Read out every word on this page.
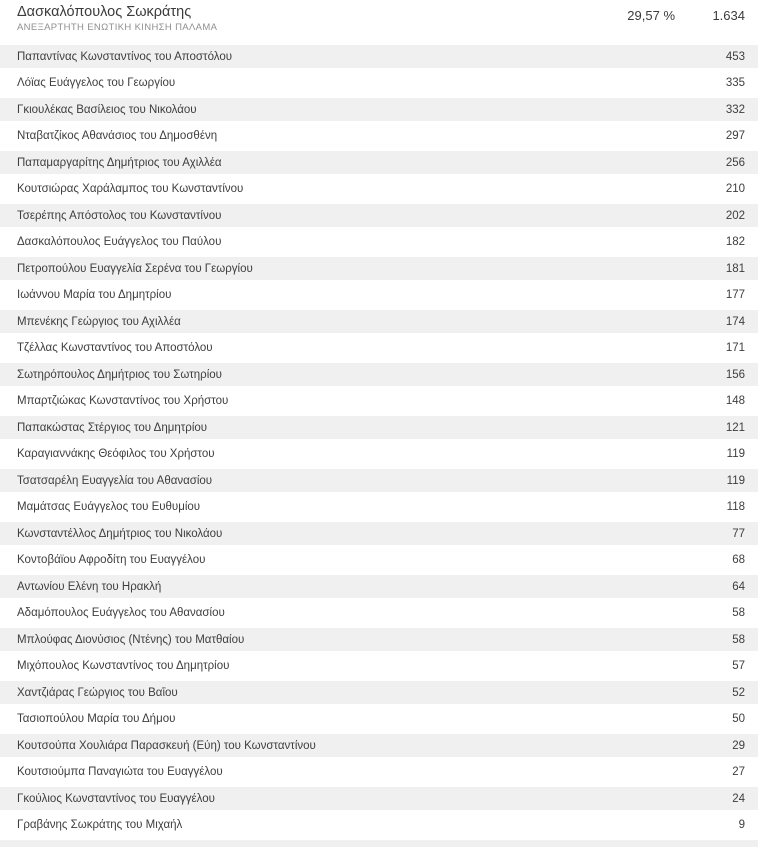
Δασκαλόπουλος Σωκράτης
ΑΝΕΞΑΡΤΗΤΗ ΕΝΩΤΙΚΗ ΚΙΝΗΣΗ ΠΑΛΑΜΑ
29,57 %	1.634
Παπαντίνας Κωνσταντίνος του Αποστόλου	453
Λόϊας Ευάγγελος του Γεωργίου	335
Γκιουλέκας Βασίλειος του Νικολάου	332
Νταβατζίκος Αθανάσιος του Δημοσθένη	297
Παπαμαργαρίτης Δημήτριος του Αχιλλέα	256
Κουτσιώρας Χαράλαμπος του Κωνσταντίνου	210
Τσερέπης Απόστολος του Κωνσταντίνου	202
Δασκαλόπουλος Ευάγγελος του Παύλου	182
Πετροπούλου Ευαγγελία Σερένα του Γεωργίου	181
Ιωάννου Μαρία του Δημητρίου	177
Μπενέκης Γεώργιος του Αχιλλέα	174
Τζέλλας Κωνσταντίνος του Αποστόλου	171
Σωτηρόπουλος Δημήτριος του Σωτηρίου	156
Μπαρτζιώκας Κωνσταντίνος του Χρήστου	148
Παπακώστας Στέργιος του Δημητρίου	121
Καραγιαννάκης Θεόφιλος του Χρήστου	119
Τσατσαρέλη Ευαγγελία του Αθανασίου	119
Μαμάτσας Ευάγγελος του Ευθυμίου	118
Κωνσταντέλλος Δημήτριος του Νικολάου	77
Κοντοβάϊου Αφροδίτη του Ευαγγέλου	68
Αντωνίου Ελένη του Ηρακλή	64
Αδαμόπουλος Ευάγγελος του Αθανασίου	58
Μπλούφας Διονύσιος (Ντένης) του Ματθαίου	58
Μιχόπουλος Κωνσταντίνος του Δημητρίου	57
Χαντζιάρας Γεώργιος του Βαΐου	52
Τασιοπούλου Μαρία του Δήμου	50
Κουτσούπα Χουλιάρα Παρασκευή (Εύη) του Κωνσταντίνου	29
Κουτσιούμπα Παναγιώτα του Ευαγγέλου	27
Γκούλιος Κωνσταντίνος του Ευαγγέλου	24
Γραβάνης Σωκράτης του Μιχαήλ	9
